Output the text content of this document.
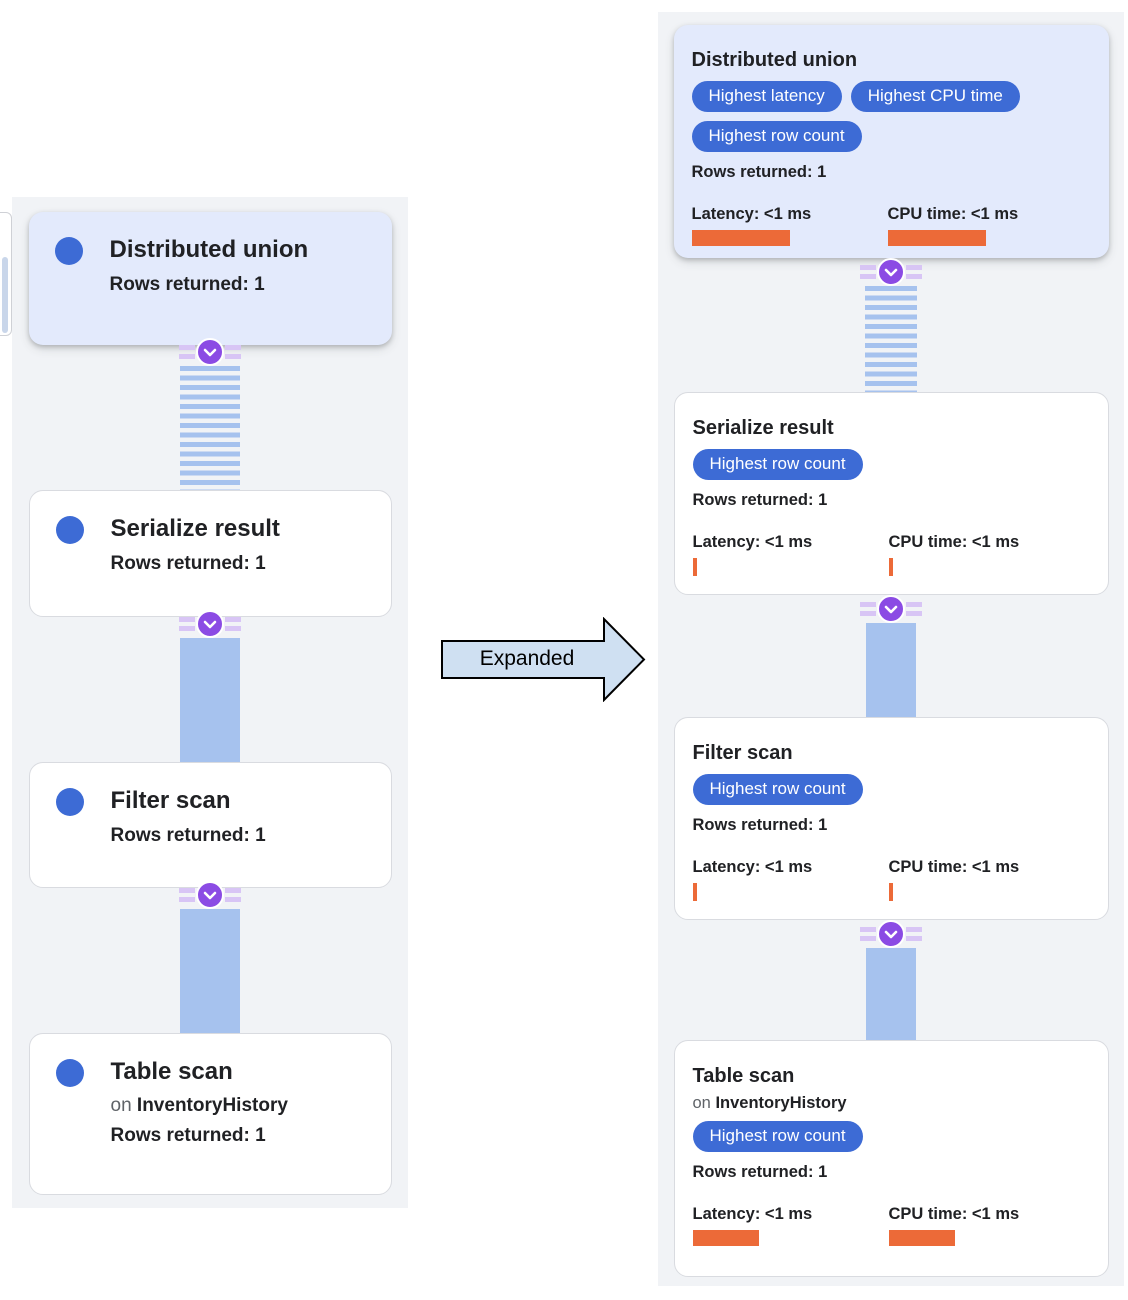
Distributed union
Rows returned: 1
Serialize result
Rows returned: 1
Filter scan
Rows returned: 1
Table scan
on InventoryHistory
Rows returned: 1
Expanded
Distributed union
Highest latency	Highest CPU time
Highest row count
Rows returned: 1
Latency: <1 ms	CPU time: <1 ms
Serialize result
Highest row count
Rows returned: 1
Latency: <1 ms	CPU time: <1 ms
Filter scan
Highest row count
Rows returned: 1
Latency: <1 ms	CPU time: <1 ms
Table scan
on InventoryHistory
Highest row count
Rows returned: 1
Latency: <1 ms	CPU time: <1 ms
